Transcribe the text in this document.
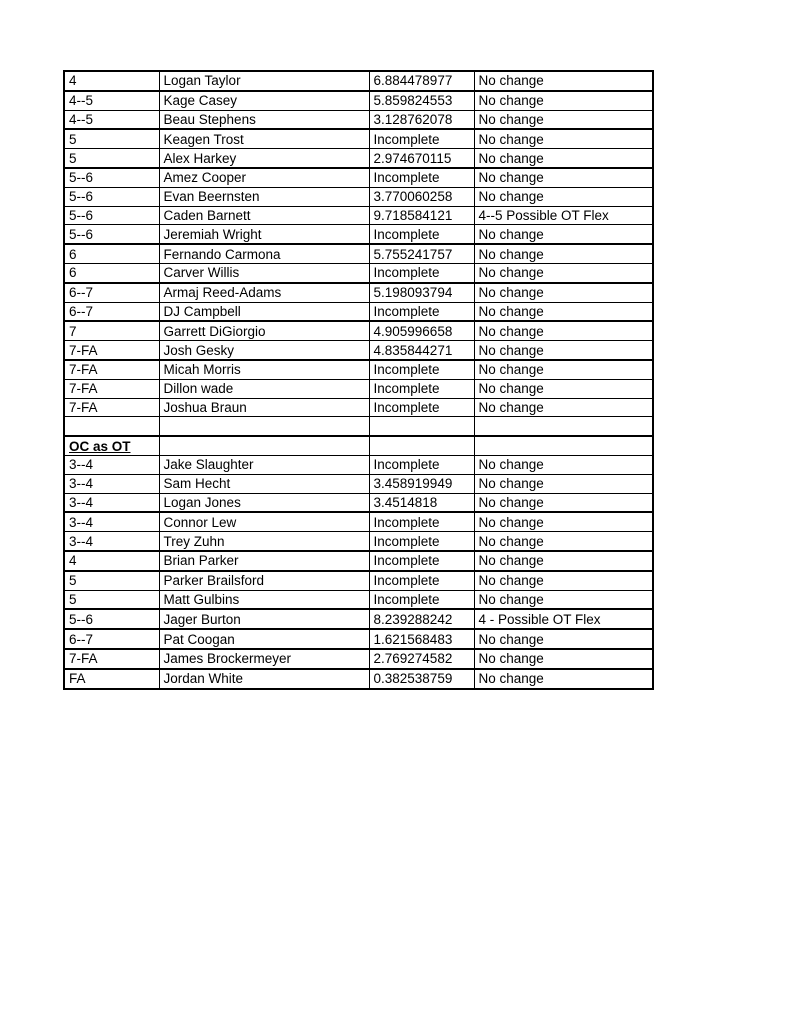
4	Logan Taylor	6.884478977	No change
4--5	Kage Casey	5.859824553	No change
4--5	Beau Stephens	3.128762078	No change
5	Keagen Trost	Incomplete	No change
5	Alex Harkey	2.974670115	No change
5--6	Amez Cooper	Incomplete	No change
5--6	Evan Beernsten	3.770060258	No change
5--6	Caden Barnett	9.718584121	4--5 Possible OT Flex
5--6	Jeremiah Wright	Incomplete	No change
6	Fernando Carmona	5.755241757	No change
6	Carver Willis	Incomplete	No change
6--7	Armaj Reed-Adams	5.198093794	No change
6--7	DJ Campbell	Incomplete	No change
7	Garrett DiGiorgio	4.905996658	No change
7-FA	Josh Gesky	4.835844271	No change
7-FA	Micah Morris	Incomplete	No change
7-FA	Dillon wade	Incomplete	No change
7-FA	Joshua Braun	Incomplete	No change

OC as OT			
3--4	Jake Slaughter	Incomplete	No change
3--4	Sam Hecht	3.458919949	No change
3--4	Logan Jones	3.4514818	No change
3--4	Connor Lew	Incomplete	No change
3--4	Trey Zuhn	Incomplete	No change
4	Brian Parker	Incomplete	No change
5	Parker Brailsford	Incomplete	No change
5	Matt Gulbins	Incomplete	No change
5--6	Jager Burton	8.239288242	4 - Possible OT Flex
6--7	Pat Coogan	1.621568483	No change
7-FA	James Brockermeyer	2.769274582	No change
FA	Jordan White	0.382538759	No change
